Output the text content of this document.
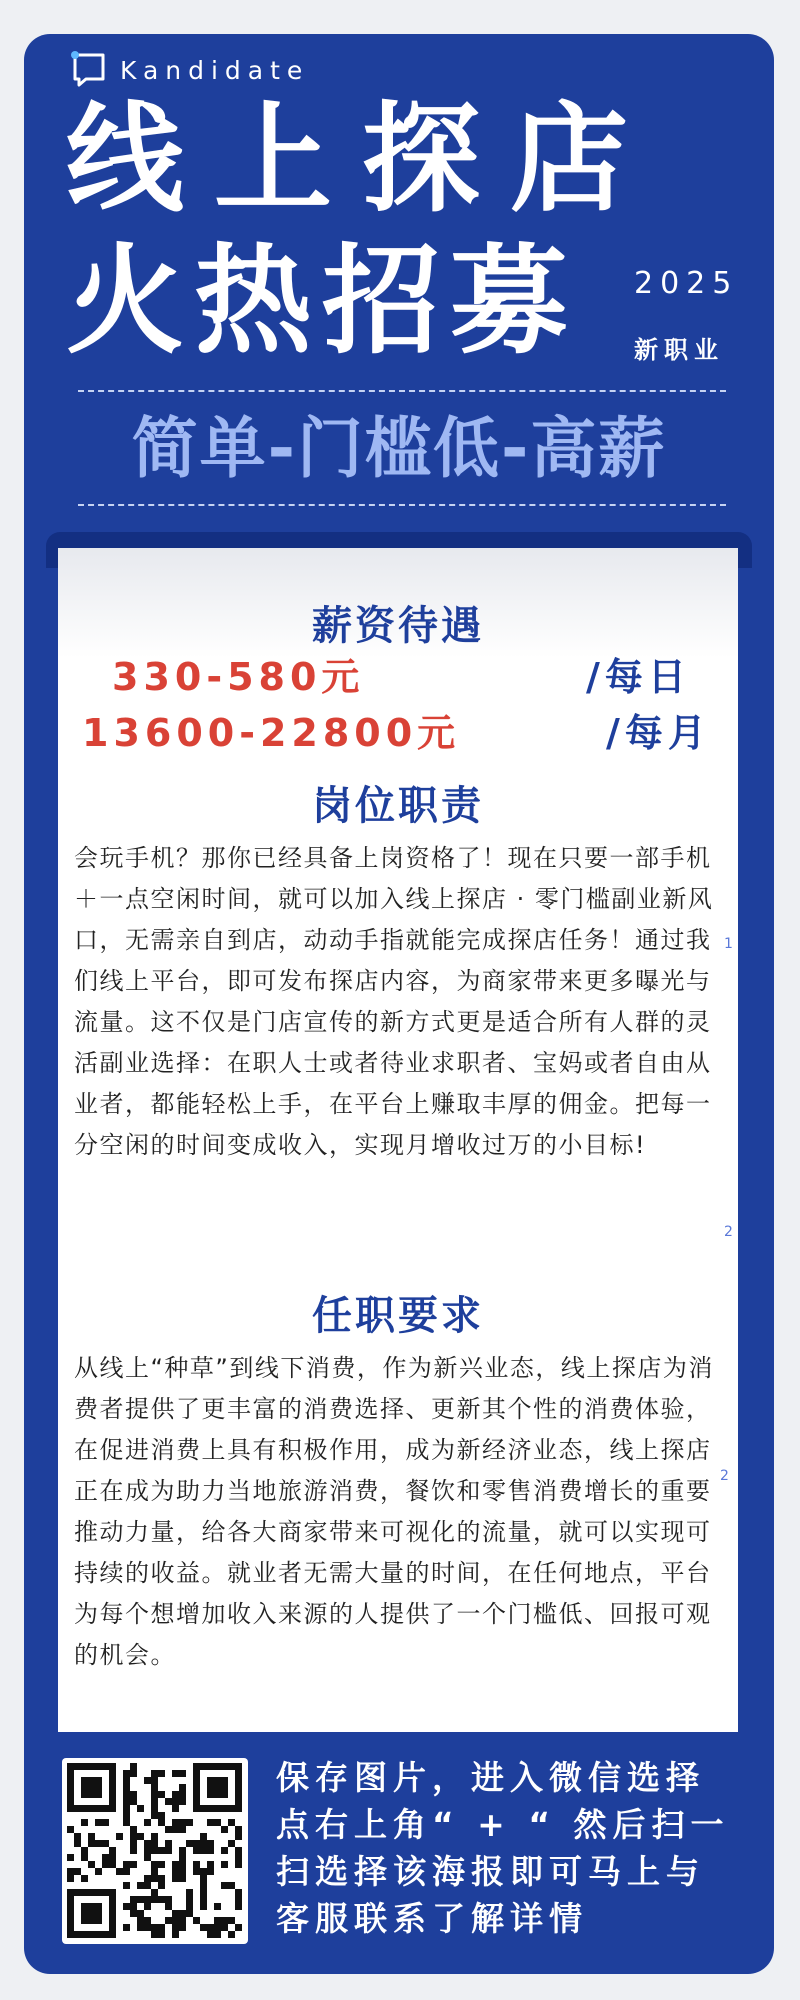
Kandidate
线上探店
火热招募 2025
新职业
简单-门槛低-高薪
薪资待遇
330-580元	/每日
13600-22800元	/每月
岗位职责
会玩手机？那你已经具备上岗资格了！现在只要一部手机＋一点空闲时间，就可以加入线上探店 · 零门槛副业新风口，无需亲自到店，动动手指就能完成探店任务！通过我们线上平台，即可发布探店内容，为商家带来更多曝光与流量。这不仅是门店宣传的新方式更是适合所有人群的灵活副业选择：在职人士或者待业求职者、宝妈或者自由从业者，都能轻松上手，在平台上赚取丰厚的佣金。把每一分空闲的时间变成收入，实现月增收过万的小目标!
1
2
任职要求
从线上“种草”到线下消费，作为新兴业态，线上探店为消费者提供了更丰富的消费选择、更新其个性的消费体验，在促进消费上具有积极作用，成为新经济业态，线上探店正在成为助力当地旅游消费，餐饮和零售消费增长的重要推动力量，给各大商家带来可视化的流量，就可以实现可持续的收益。就业者无需大量的时间，在任何地点，平台为每个想增加收入来源的人提供了一个门槛低、回报可观的机会。
2
保存图片，进入微信选择
点右上角“ + “ 然后扫一
扫选择该海报即可马上与
客服联系了解详情
